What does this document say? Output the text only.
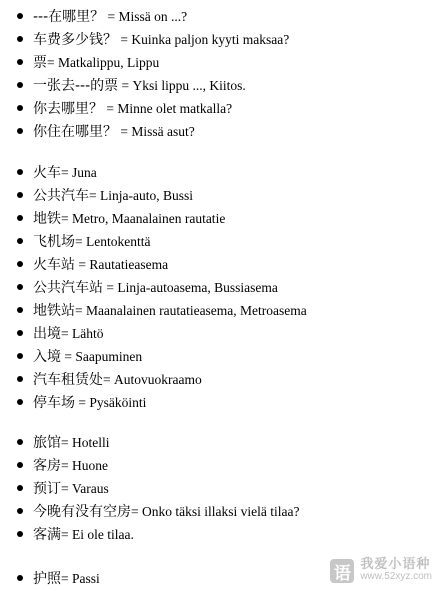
---在哪里？ = Missä on ...?
车费多少钱？ = Kuinka paljon kyyti maksaa?
票= Matkalippu, Lippu
一张去---的票 = Yksi lippu ..., Kiitos.
你去哪里？ = Minne olet matkalla?
你住在哪里？ = Missä asut?
火车= Juna
公共汽车= Linja-auto, Bussi
地铁= Metro, Maanalainen rautatie
飞机场= Lentokenttä
火车站 = Rautatieasema
公共汽车站 = Linja-autoasema, Bussiasema
地铁站= Maanalainen rautatieasema, Metroasema
出境= Lähtö
入境 = Saapuminen
汽车租赁处= Autovuokraamo
停车场 = Pysäköinti
旅馆= Hotelli
客房= Huone
预订= Varaus
今晚有没有空房= Onko täksi illaksi vielä tilaa?
客满= Ei ole tilaa.
护照= Passi	语 我爱小语种
www.52xyz.com
